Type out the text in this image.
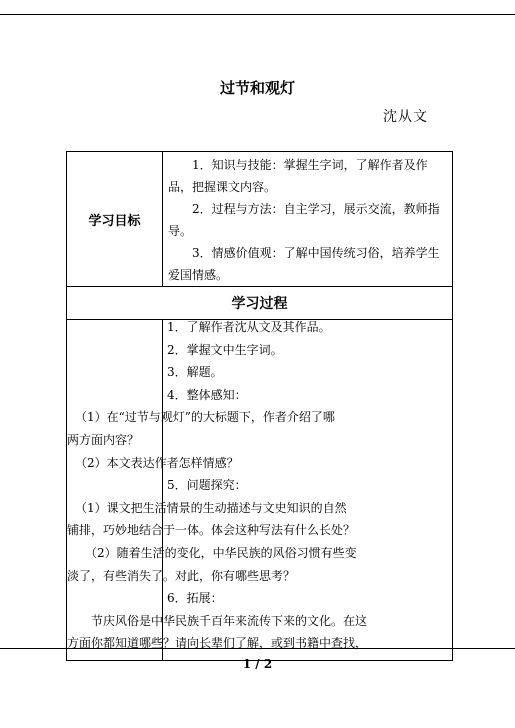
过节和观灯
沈从文
学习目标	1．知识与技能：掌握生字词，了解作者及作品，把握课文内容。

2．过程与方法：自主学习，展示交流，教师指导。

3．情感价值观：了解中国传统习俗，培养学生爱国情感。

学习过程	

1．了解作者沈从文及其作品。

2．掌握文中生字词。

3．解题。

4．整体感知：

（1）在“过节与观灯”的大标题下，作者介绍了哪

两方面内容？

（2）本文表达作者怎样情感？

5．问题探究：

（1）课文把生活情景的生动描述与文史知识的自然

铺排，巧妙地结合于一体。体会这种写法有什么长处？

（2）随着生活的变化，中华民族的风俗习惯有些变

淡了，有些消失了。对此，你有哪些思考？

6．拓展：

节庆风俗是中华民族千百年来流传下来的文化。在这

方面你都知道哪些？请向长辈们了解，或到书籍中查找，

1 / 2
